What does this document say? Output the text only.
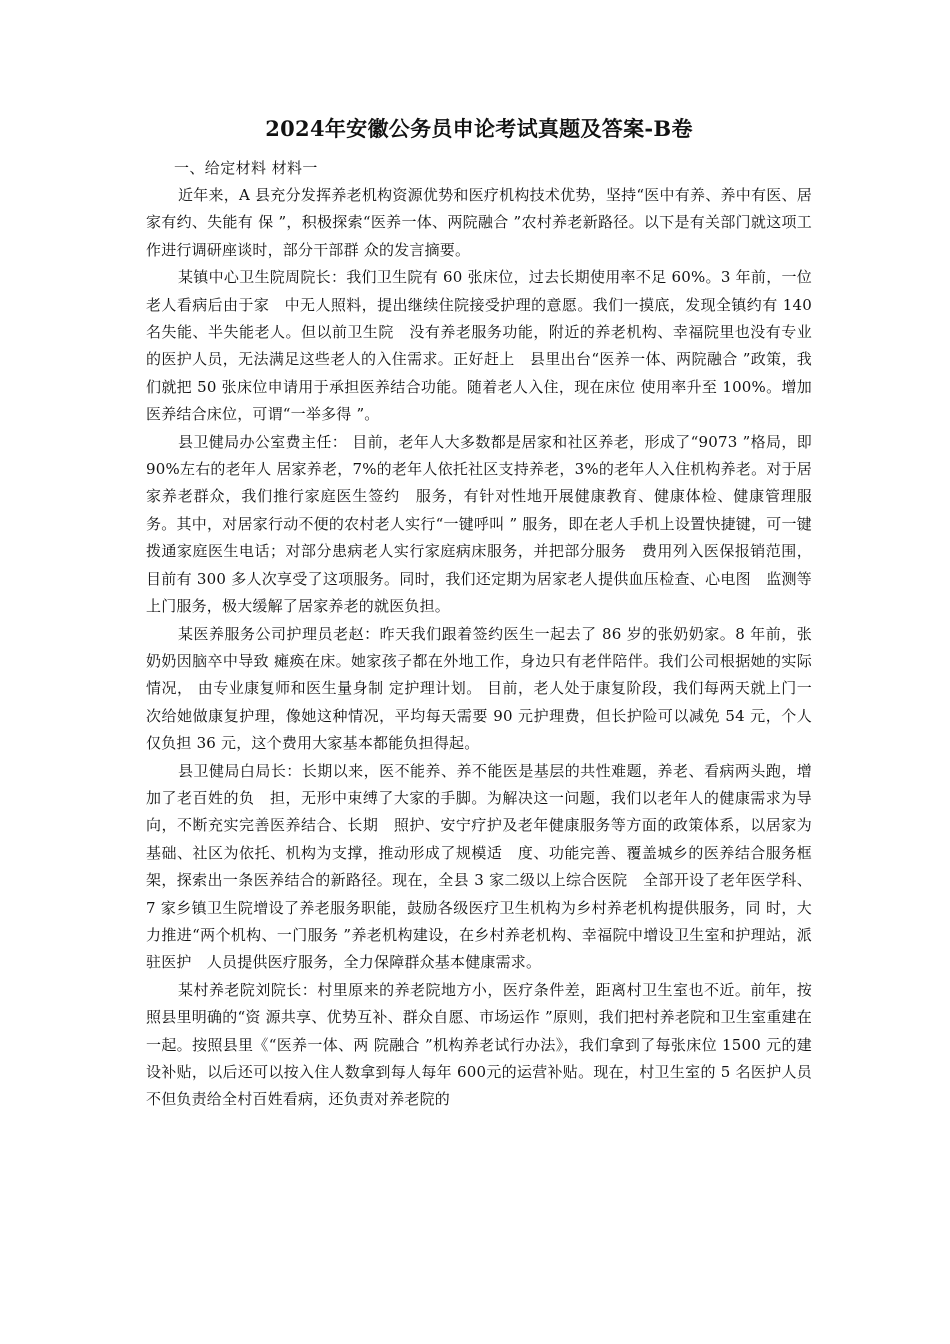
2024年安徽公务员申论考试真题及答案-B卷

一、给定材料 材料一

近年来，A 县充分发挥养老机构资源优势和医疗机构技术优势，坚持“医中有养、养中有医、居家有约、失能有 保 ”，积极探索“医养一体、两院融合 ”农村养老新路径。以下是有关部门就这项工作进行调研座谈时，部分干部群 众的发言摘要。

某镇中心卫生院周院长：我们卫生院有 60 张床位，过去长期使用率不足 60%。3 年前，一位老人看病后由于家　中无人照料，提出继续住院接受护理的意愿。我们一摸底，发现全镇约有 140 名失能、半失能老人。但以前卫生院　没有养老服务功能，附近的养老机构、幸福院里也没有专业的医护人员，无法满足这些老人的入住需求。正好赶上　县里出台“医养一体、两院融合 ”政策，我们就把 50 张床位申请用于承担医养结合功能。随着老人入住，现在床位 使用率升至 100%。增加医养结合床位，可谓“一举多得 ”。

县卫健局办公室费主任： 目前，老年人大多数都是居家和社区养老，形成了“9073 ”格局，即 90%左右的老年人 居家养老，7%的老年人依托社区支持养老，3%的老年人入住机构养老。对于居家养老群众，我们推行家庭医生签约　服务，有针对性地开展健康教育、健康体检、健康管理服务。其中，对居家行动不便的农村老人实行“一键呼叫 ” 服务，即在老人手机上设置快捷键，可一键拨通家庭医生电话；对部分患病老人实行家庭病床服务，并把部分服务　费用列入医保报销范围， 目前有 300 多人次享受了这项服务。同时，我们还定期为居家老人提供血压检查、心电图　监测等上门服务，极大缓解了居家养老的就医负担。

某医养服务公司护理员老赵：昨天我们跟着签约医生一起去了 86 岁的张奶奶家。8 年前，张奶奶因脑卒中导致 瘫痪在床。她家孩子都在外地工作，身边只有老伴陪伴。我们公司根据她的实际情况， 由专业康复师和医生量身制 定护理计划。 目前，老人处于康复阶段，我们每两天就上门一次给她做康复护理，像她这种情况，平均每天需要 90 元护理费，但长护险可以减免 54 元，个人仅负担 36 元，这个费用大家基本都能负担得起。

县卫健局白局长：长期以来，医不能养、养不能医是基层的共性难题，养老、看病两头跑，增加了老百姓的负　担，无形中束缚了大家的手脚。为解决这一问题，我们以老年人的健康需求为导向，不断充实完善医养结合、长期　照护、安宁疗护及老年健康服务等方面的政策体系，以居家为基础、社区为依托、机构为支撑，推动形成了规模适　度、功能完善、覆盖城乡的医养结合服务框架，探索出一条医养结合的新路径。现在，全县 3 家二级以上综合医院　全部开设了老年医学科、7 家乡镇卫生院增设了养老服务职能，鼓励各级医疗卫生机构为乡村养老机构提供服务，同 时，大力推进“两个机构、一门服务 ”养老机构建设，在乡村养老机构、幸福院中增设卫生室和护理站，派驻医护　人员提供医疗服务，全力保障群众基本健康需求。

某村养老院刘院长：村里原来的养老院地方小，医疗条件差，距离村卫生室也不近。前年，按照县里明确的“资 源共享、优势互补、群众自愿、市场运作 ”原则，我们把村养老院和卫生室重建在一起。按照县里《“医养一体、两 院融合 ”机构养老试行办法》，我们拿到了每张床位 1500 元的建设补贴，以后还可以按入住人数拿到每人每年 600元的运营补贴。现在，村卫生室的 5 名医护人员不但负责给全村百姓看病，还负责对养老院的
